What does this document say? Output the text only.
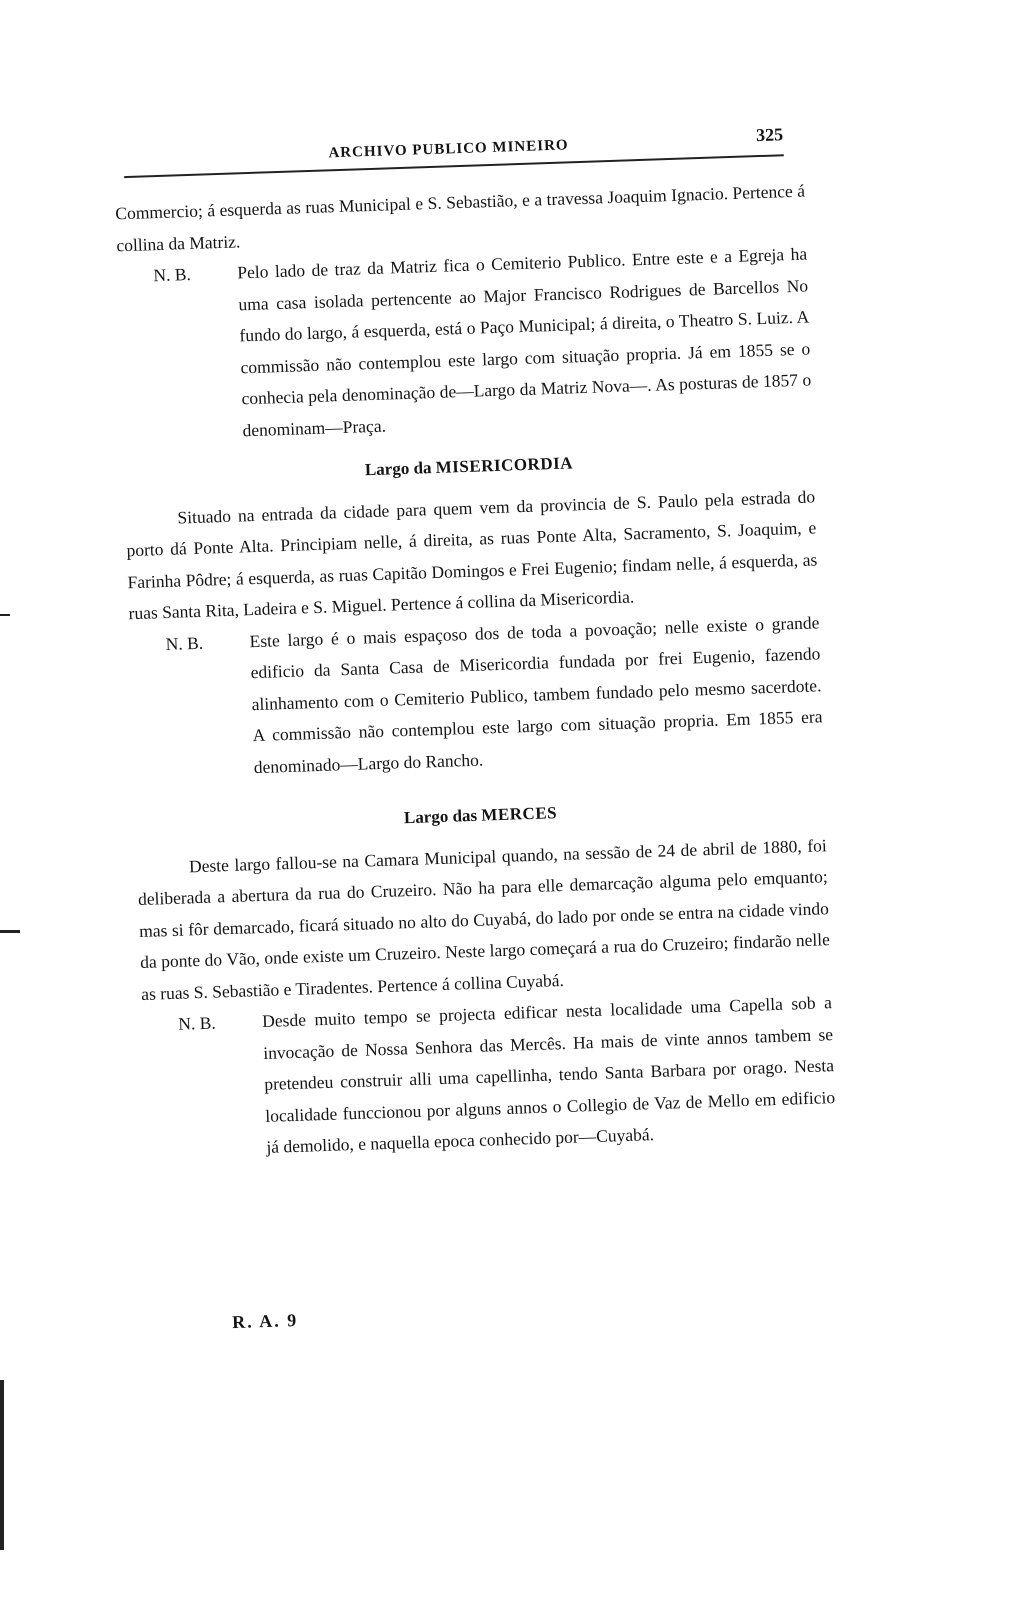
ARCHIVO PUBLICO MINEIRO
325

Commercio; á esquerda as ruas Municipal e S. Sebastião, e a travessa Joaquim Ignacio. Pertence á collina da Matriz.

N. B.	Pelo lado de traz da Matriz fica o Cemiterio Publico. Entre este e a Egreja ha uma casa isolada pertencente ao Major Francisco Rodrigues de Barcellos No fundo do largo, á esquerda, está o Paço Municipal; á direita, o Theatro S. Luiz. A commissão não contemplou este largo com situação propria. Já em 1855 se o conhecia pela denominação de—Largo da Matriz Nova—. As posturas de 1857 o denominam—Praça.
Largo da MISERICORDIA

Situado na entrada da cidade para quem vem da provincia de S. Paulo pela estrada do porto dá Ponte Alta. Principiam nelle, á direita, as ruas Ponte Alta, Sacramento, S. Joaquim, e Farinha Pôdre; á esquerda, as ruas Capitão Domingos e Frei Eugenio; findam nelle, á esquerda, as ruas Santa Rita, Ladeira e S. Miguel. Pertence á collina da Misericordia.

N. B.	Este largo é o mais espaçoso dos de toda a povoação; nelle existe o grande edificio da Santa Casa de Misericordia fundada por frei Eugenio, fazendo alinhamento com o Cemiterio Publico, tambem fundado pelo mesmo sacerdote. A commissão não contemplou este largo com situação propria. Em 1855 era denominado—Largo do Rancho.
Largo das MERCES

Deste largo fallou-se na Camara Municipal quando, na sessão de 24 de abril de 1880, foi deliberada a abertura da rua do Cruzeiro. Não ha para elle demarcação alguma pelo emquanto; mas si fôr demarcado, ficará situado no alto do Cuyabá, do lado por onde se entra na cidade vindo da ponte do Vão, onde existe um Cruzeiro. Neste largo começará a rua do Cruzeiro; findarão nelle as ruas S. Sebastião e Tiradentes. Pertence á collina Cuyabá.

N. B.	Desde muito tempo se projecta edificar nesta localidade uma Capella sob a invocação de Nossa Senhora das Mercês. Ha mais de vinte annos tambem se pretendeu construir alli uma capellinha, tendo Santa Barbara por orago. Nesta localidade funccionou por alguns annos o Collegio de Vaz de Mello em edificio já demolido, e naquella epoca conhecido por—Cuyabá.
R. A. 9
